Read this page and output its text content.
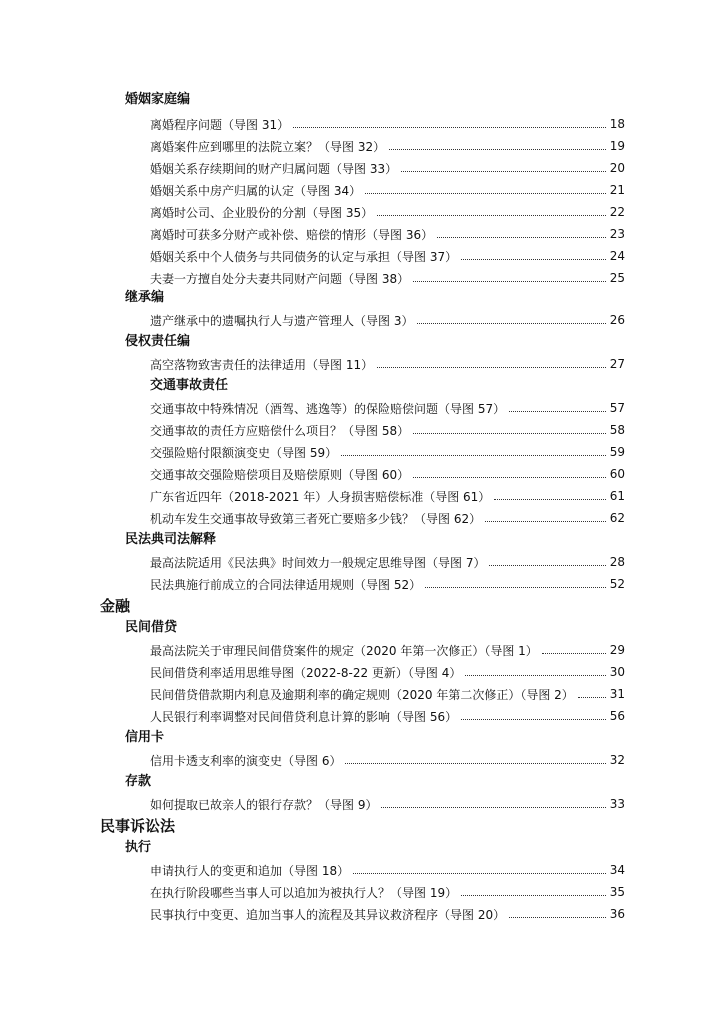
婚姻家庭编
离婚程序问题（导图 31）	18
离婚案件应到哪里的法院立案？（导图 32）	19
婚姻关系存续期间的财产归属问题（导图 33）	20
婚姻关系中房产归属的认定（导图 34）	21
离婚时公司、企业股份的分割（导图 35）	22
离婚时可获多分财产或补偿、赔偿的情形（导图 36）	23
婚姻关系中个人债务与共同债务的认定与承担（导图 37）	24
夫妻一方擅自处分夫妻共同财产问题（导图 38）	25
继承编
遗产继承中的遗嘱执行人与遗产管理人（导图 3）	26
侵权责任编
高空落物致害责任的法律适用（导图 11）	27
交通事故责任
交通事故中特殊情况（酒驾、逃逸等）的保险赔偿问题（导图 57）	57
交通事故的责任方应赔偿什么项目？（导图 58）	58
交强险赔付限额演变史（导图 59）	59
交通事故交强险赔偿项目及赔偿原则（导图 60）	60
广东省近四年（2018-2021 年）人身损害赔偿标准（导图 61）	61
机动车发生交通事故导致第三者死亡要赔多少钱？（导图 62）	62
民法典司法解释
最高法院适用《民法典》时间效力一般规定思维导图（导图 7）	28
民法典施行前成立的合同法律适用规则（导图 52）	52
金融
民间借贷
最高法院关于审理民间借贷案件的规定（2020 年第一次修正）（导图 1）	29
民间借贷利率适用思维导图（2022-8-22 更新）（导图 4）	30
民间借贷借款期内利息及逾期利率的确定规则（2020 年第二次修正）（导图 2）	31
人民银行利率调整对民间借贷利息计算的影响（导图 56）	56
信用卡
信用卡透支利率的演变史（导图 6）	32
存款
如何提取已故亲人的银行存款？（导图 9）	33
民事诉讼法
执行
申请执行人的变更和追加（导图 18）	34
在执行阶段哪些当事人可以追加为被执行人？（导图 19）	35
民事执行中变更、追加当事人的流程及其异议救济程序（导图 20）	36
